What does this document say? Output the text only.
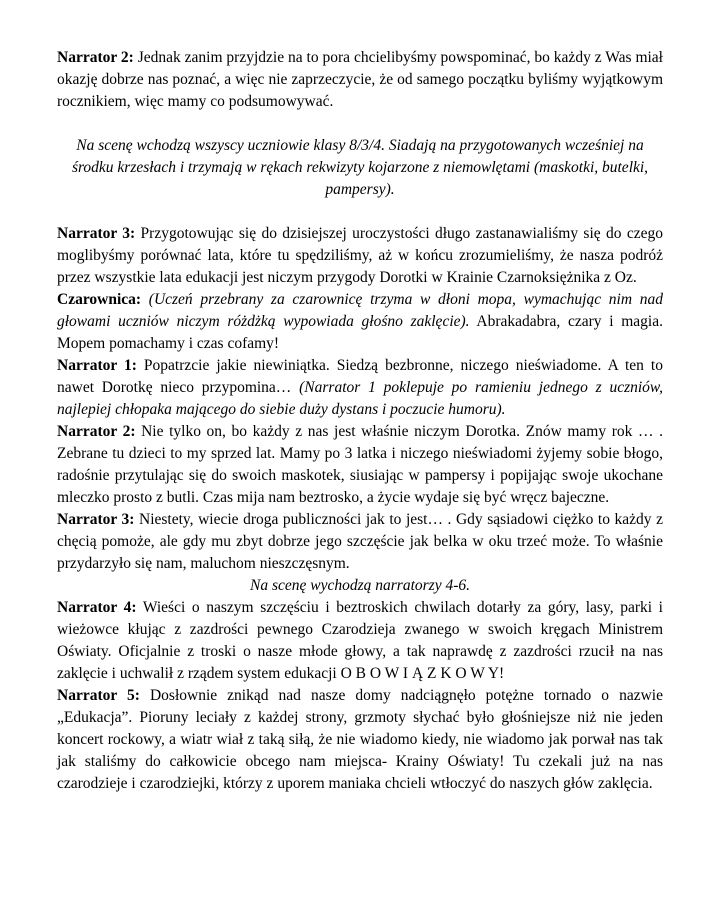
Narrator 2: Jednak zanim przyjdzie na to pora chcielibyśmy powspominać, bo każdy z Was miał okazję dobrze nas poznać, a więc nie zaprzeczycie, że od samego początku byliśmy wyjątkowym rocznikiem, więc mamy co podsumowywać.

Na scenę wchodzą wszyscy uczniowie klasy 8/3/4. Siadają na przygotowanych wcześniej na środku krzesłach i trzymają w rękach rekwizyty kojarzone z niemowlętami (maskotki, butelki, pampersy).

Narrator 3: Przygotowując się do dzisiejszej uroczystości długo zastanawialiśmy się do czego moglibyśmy porównać lata, które tu spędziliśmy, aż w końcu zrozumieliśmy, że nasza podróż przez wszystkie lata edukacji jest niczym przygody Dorotki w Krainie Czarnoksiężnika z Oz.

Czarownica: (Uczeń przebrany za czarownicę trzyma w dłoni mopa, wymachując nim nad głowami uczniów niczym różdżką wypowiada głośno zaklęcie). Abrakadabra, czary i magia. Mopem pomachamy i czas cofamy!

Narrator 1: Popatrzcie jakie niewiniątka. Siedzą bezbronne, niczego nieświadome. A ten to nawet Dorotkę nieco przypomina… (Narrator 1 poklepuje po ramieniu jednego z uczniów, najlepiej chłopaka mającego do siebie duży dystans i poczucie humoru).

Narrator 2: Nie tylko on, bo każdy z nas jest właśnie niczym Dorotka. Znów mamy rok … . Zebrane tu dzieci to my sprzed lat. Mamy po 3 latka i niczego nieświadomi żyjemy sobie błogo, radośnie przytulając się do swoich maskotek, siusiając w pampersy i popijając swoje ukochane mleczko prosto z butli. Czas mija nam beztrosko, a życie wydaje się być wręcz bajeczne.

Narrator 3: Niestety, wiecie droga publiczności jak to jest… . Gdy sąsiadowi ciężko to każdy z chęcią pomoże, ale gdy mu zbyt dobrze jego szczęście jak belka w oku trzeć może. To właśnie przydarzyło się nam, maluchom nieszczęsnym.

Na scenę wychodzą narratorzy 4-6.

Narrator 4: Wieści o naszym szczęściu i beztroskich chwilach dotarły za góry, lasy, parki i wieżowce kłując z zazdrości pewnego Czarodzieja zwanego w swoich kręgach Ministrem Oświaty. Oficjalnie z troski o nasze młode głowy, a tak naprawdę z zazdrości rzucił na nas zaklęcie i uchwalił z rządem system edukacji O B O W I Ą Z K O W Y!

Narrator 5: Dosłownie znikąd nad nasze domy nadciągnęło potężne tornado o nazwie „Edukacja”. Pioruny leciały z każdej strony, grzmoty słychać było głośniejsze niż nie jeden koncert rockowy, a wiatr wiał z taką siłą, że nie wiadomo kiedy, nie wiadomo jak porwał nas tak jak staliśmy do całkowicie obcego nam miejsca- Krainy Oświaty! Tu czekali już na nas czarodzieje i czarodziejki, którzy z uporem maniaka chcieli wtłoczyć do naszych głów zaklęcia.
